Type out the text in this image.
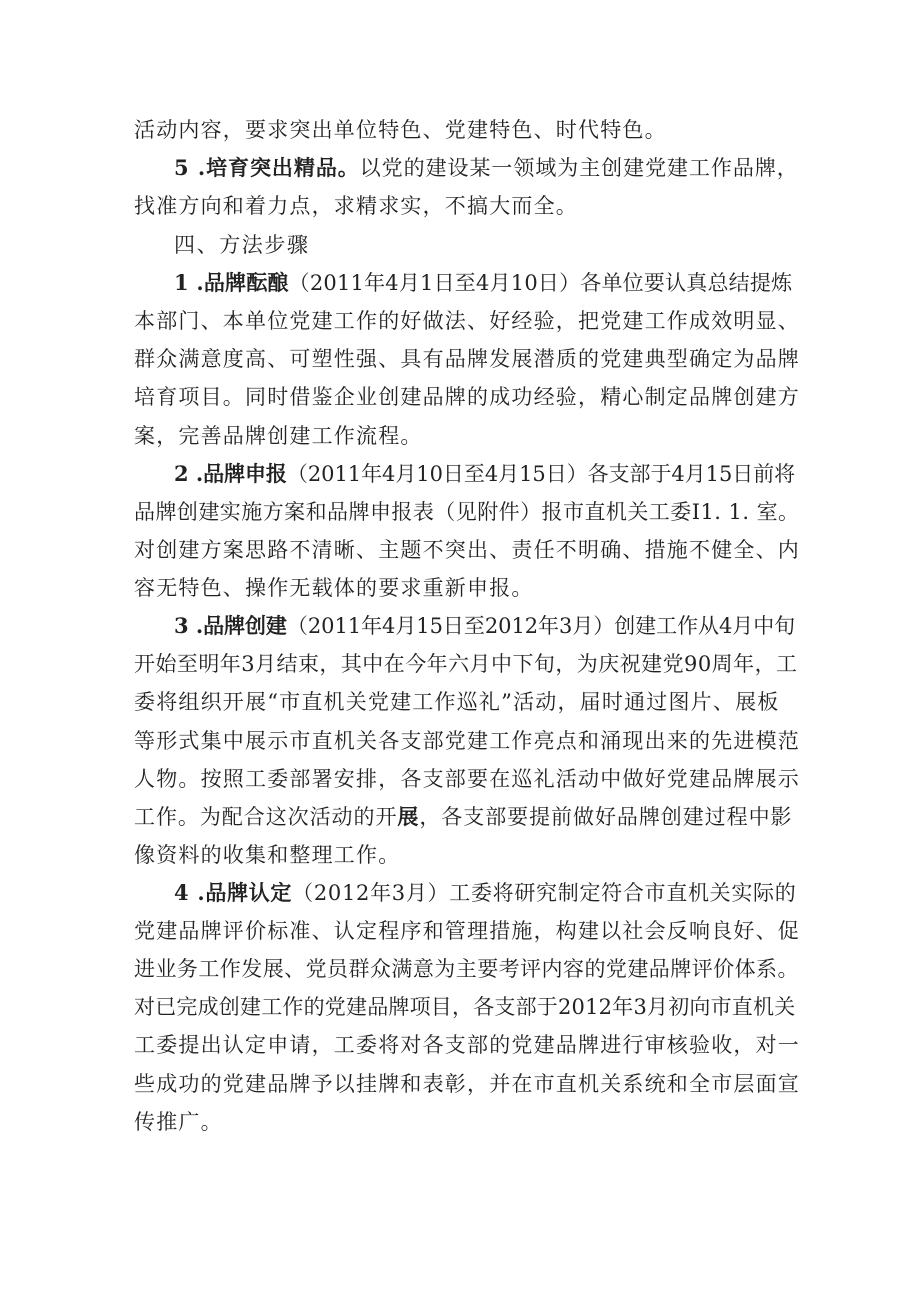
活动内容，要求突出单位特色、党建特色、时代特色。
5 .培育突出精品。以党的建设某一领域为主创建党建工作品牌，
找准方向和着力点，求精求实，不搞大而全。
四、方法步骤
1 .品牌酝酿（2011年4月1日至4月10日）各单位要认真总结提炼
本部门、本单位党建工作的好做法、好经验，把党建工作成效明显、
群众满意度高、可塑性强、具有品牌发展潜质的党建典型确定为品牌
培育项目。同时借鉴企业创建品牌的成功经验，精心制定品牌创建方
案，完善品牌创建工作流程。
2 .品牌申报（2011年4月10日至4月15日）各支部于4月15日前将
品牌创建实施方案和品牌申报表（见附件）报市直机关工委I1. 1. 室。
对创建方案思路不清晰、主题不突出、责任不明确、措施不健全、内
容无特色、操作无载体的要求重新申报。
3 .品牌创建（2011年4月15日至2012年3月）创建工作从4月中旬
开始至明年3月结束，其中在今年六月中下旬，为庆祝建党90周年，工
委将组织开展“市直机关党建工作巡礼”活动，届时通过图片、展板
等形式集中展示市直机关各支部党建工作亮点和涌现出来的先进模范
人物。按照工委部署安排，各支部要在巡礼活动中做好党建品牌展示
工作。为配合这次活动的开展，各支部要提前做好品牌创建过程中影
像资料的收集和整理工作。
4 .品牌认定（2012年3月）工委将研究制定符合市直机关实际的
党建品牌评价标准、认定程序和管理措施，构建以社会反响良好、促
进业务工作发展、党员群众满意为主要考评内容的党建品牌评价体系。
对已完成创建工作的党建品牌项目，各支部于2012年3月初向市直机关
工委提出认定申请，工委将对各支部的党建品牌进行审核验收，对一
些成功的党建品牌予以挂牌和表彰，并在市直机关系统和全市层面宣
传推广。
